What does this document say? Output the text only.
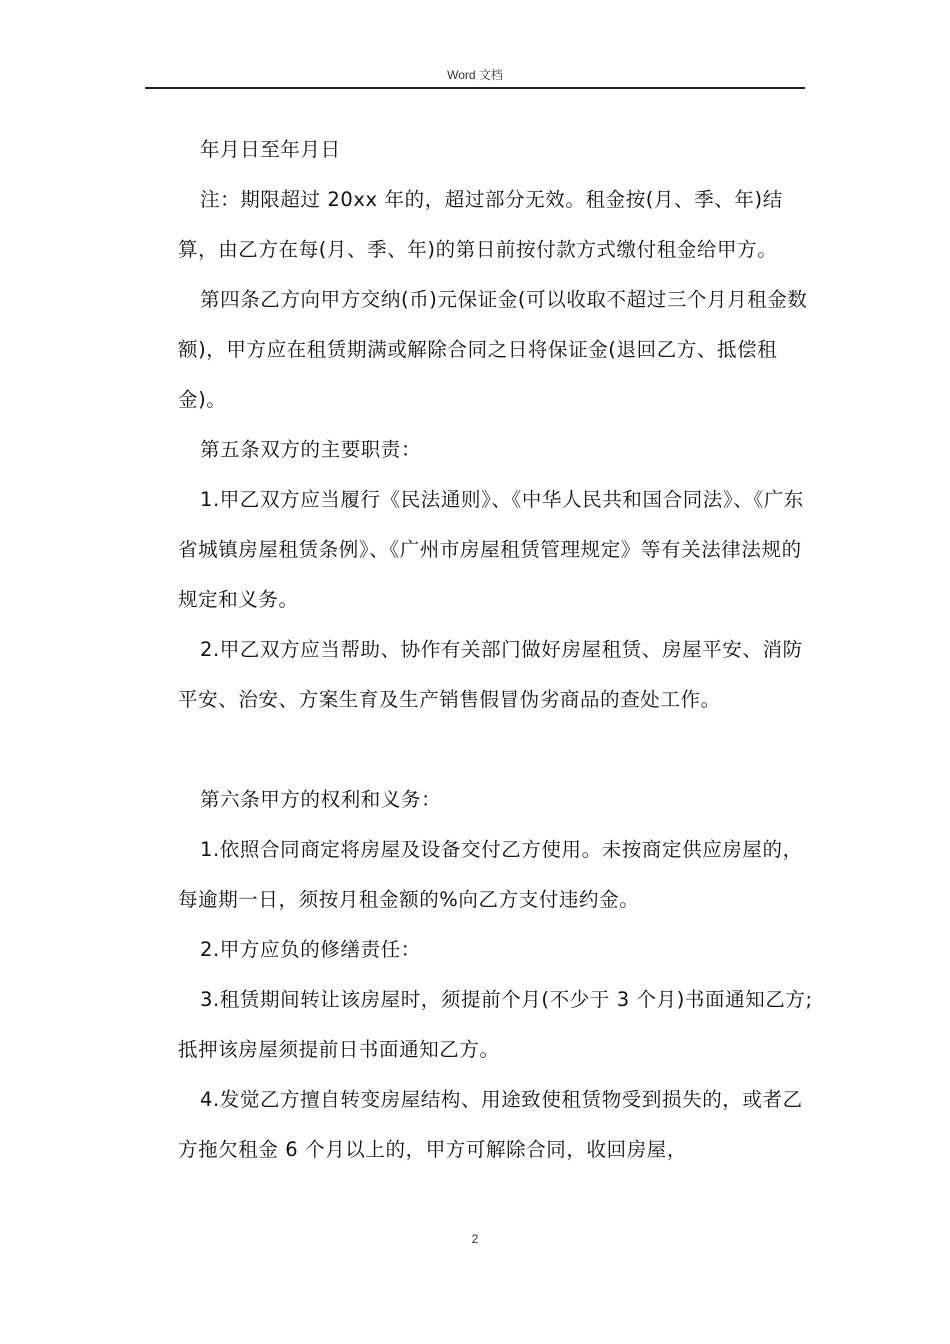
Word 文档

年月日至年月日

注：期限超过 20xx 年的，超过部分无效。租金按(月、季、年)结算，由乙方在每(月、季、年)的第日前按付款方式缴付租金给甲方。

第四条乙方向甲方交纳(币)元保证金(可以收取不超过三个月月租金数额)，甲方应在租赁期满或解除合同之日将保证金(退回乙方、抵偿租金)。

第五条双方的主要职责：

1.甲乙双方应当履行《民法通则》、《中华人民共和国合同法》、《广东省城镇房屋租赁条例》、《广州市房屋租赁管理规定》等有关法律法规的规定和义务。

2.甲乙双方应当帮助、协作有关部门做好房屋租赁、房屋平安、消防平安、治安、方案生育及生产销售假冒伪劣商品的查处工作。

第六条甲方的权利和义务：

1.依照合同商定将房屋及设备交付乙方使用。未按商定供应房屋的，每逾期一日，须按月租金额的%向乙方支付违约金。

2.甲方应负的修缮责任：

3.租赁期间转让该房屋时，须提前个月(不少于 3 个月)书面通知乙方;抵押该房屋须提前日书面通知乙方。

4.发觉乙方擅自转变房屋结构、用途致使租赁物受到损失的，或者乙方拖欠租金 6 个月以上的，甲方可解除合同，收回房屋，

2
